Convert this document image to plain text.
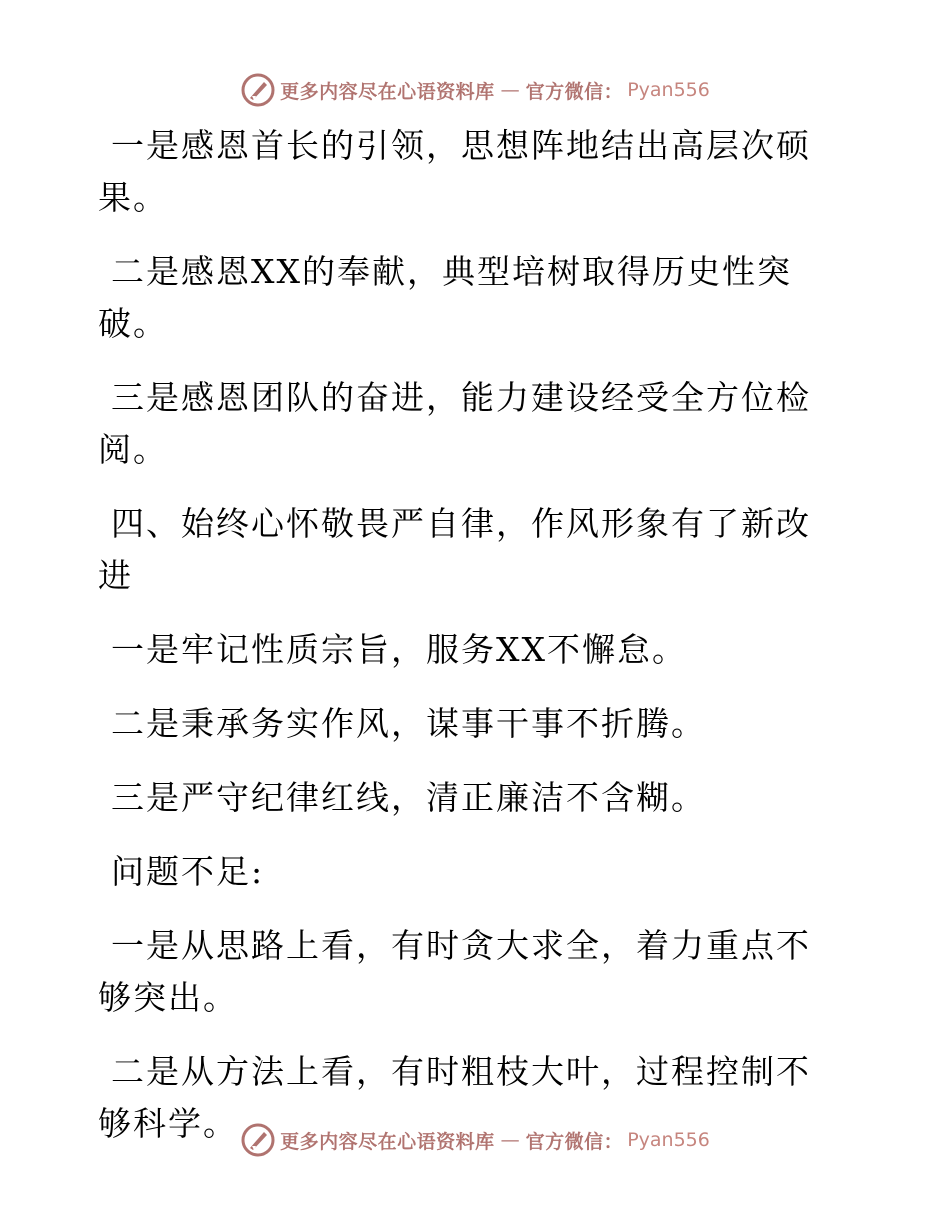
更多内容尽在心语资料库 — 官方微信： Pyan556

一是感恩首长的引领，思想阵地结出高层次硕果。

二是感恩XX的奉献，典型培树取得历史性突破。

三是感恩团队的奋进，能力建设经受全方位检阅。

四、始终心怀敬畏严自律，作风形象有了新改进

一是牢记性质宗旨，服务XX不懈怠。

二是秉承务实作风，谋事干事不折腾。

三是严守纪律红线，清正廉洁不含糊。

问题不足:

一是从思路上看，有时贪大求全，着力重点不够突出。

二是从方法上看，有时粗枝大叶，过程控制不够科学。	更多内容尽在心语资料库 — 官方微信： Pyan556
